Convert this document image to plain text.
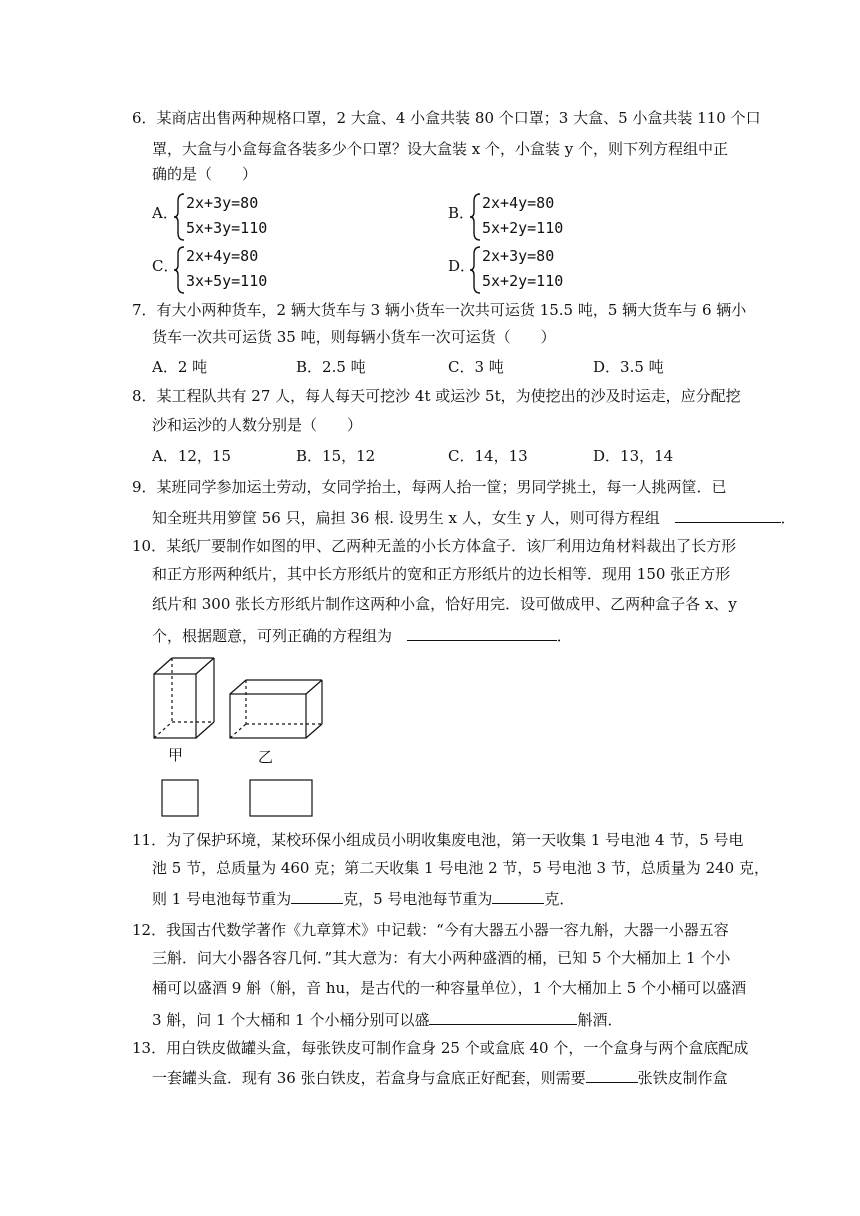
6．某商店出售两种规格口罩，2 大盒、4 小盒共装 80 个口罩；3 大盒、5 小盒共装 110 个口
罩，大盒与小盒每盒各装多少个口罩？设大盒装 x 个，小盒装 y 个，则下列方程组中正
确的是（　　）
A．
2x+3y=80
5x+3y=110
B．
2x+4y=80
5x+2y=110
C．
2x+4y=80
3x+5y=110
D．
2x+3y=80
5x+2y=110
7．有大小两种货车，2 辆大货车与 3 辆小货车一次共可运货 15.5 吨，5 辆大货车与 6 辆小
货车一次共可运货 35 吨，则每辆小货车一次可运货（　　）
A．2 吨	B．2.5 吨	C．3 吨	D．3.5 吨
8．某工程队共有 27 人，每人每天可挖沙 4t 或运沙 5t，为使挖出的沙及时运走，应分配挖
沙和运沙的人数分别是（　　）
A．12，15	B．15，12	C．14，13	D．13，14
9．某班同学参加运土劳动，女同学抬土，每两人抬一筐；男同学挑土，每一人挑两筐．已
知全班共用箩筐 56 只，扁担 36 根. 设男生 x 人，女生 y 人，则可得方程组	．
10．某纸厂要制作如图的甲、乙两种无盖的小长方体盒子．该厂利用边角材料裁出了长方形
和正方形两种纸片，其中长方形纸片的宽和正方形纸片的边长相等．现用 150 张正方形
纸片和 300 张长方形纸片制作这两种小盒，恰好用完．设可做成甲、乙两种盒子各 x、y
个，根据题意，可列正确的方程组为	．
甲	乙
11．为了保护环境，某校环保小组成员小明收集废电池，第一天收集 1 号电池 4 节，5 号电
池 5 节，总质量为 460 克；第二天收集 1 号电池 2 节，5 号电池 3 节，总质量为 240 克，
则 1 号电池每节重为	克，5 号电池每节重为	克．
12．我国古代数学著作《九章算术》中记载：“今有大器五小器一容九斛，大器一小器五容
三斛．问大小器各容几何．”其大意为：有大小两种盛酒的桶，已知 5 个大桶加上 1 个小
桶可以盛酒 9 斛（斛，音 hu，是古代的一种容量单位），1 个大桶加上 5 个小桶可以盛酒
3 斛，问 1 个大桶和 1 个小桶分别可以盛	斛酒．
13．用白铁皮做罐头盒，每张铁皮可制作盒身 25 个或盒底 40 个，一个盒身与两个盒底配成
一套罐头盒．现有 36 张白铁皮，若盒身与盒底正好配套，则需要	张铁皮制作盒
